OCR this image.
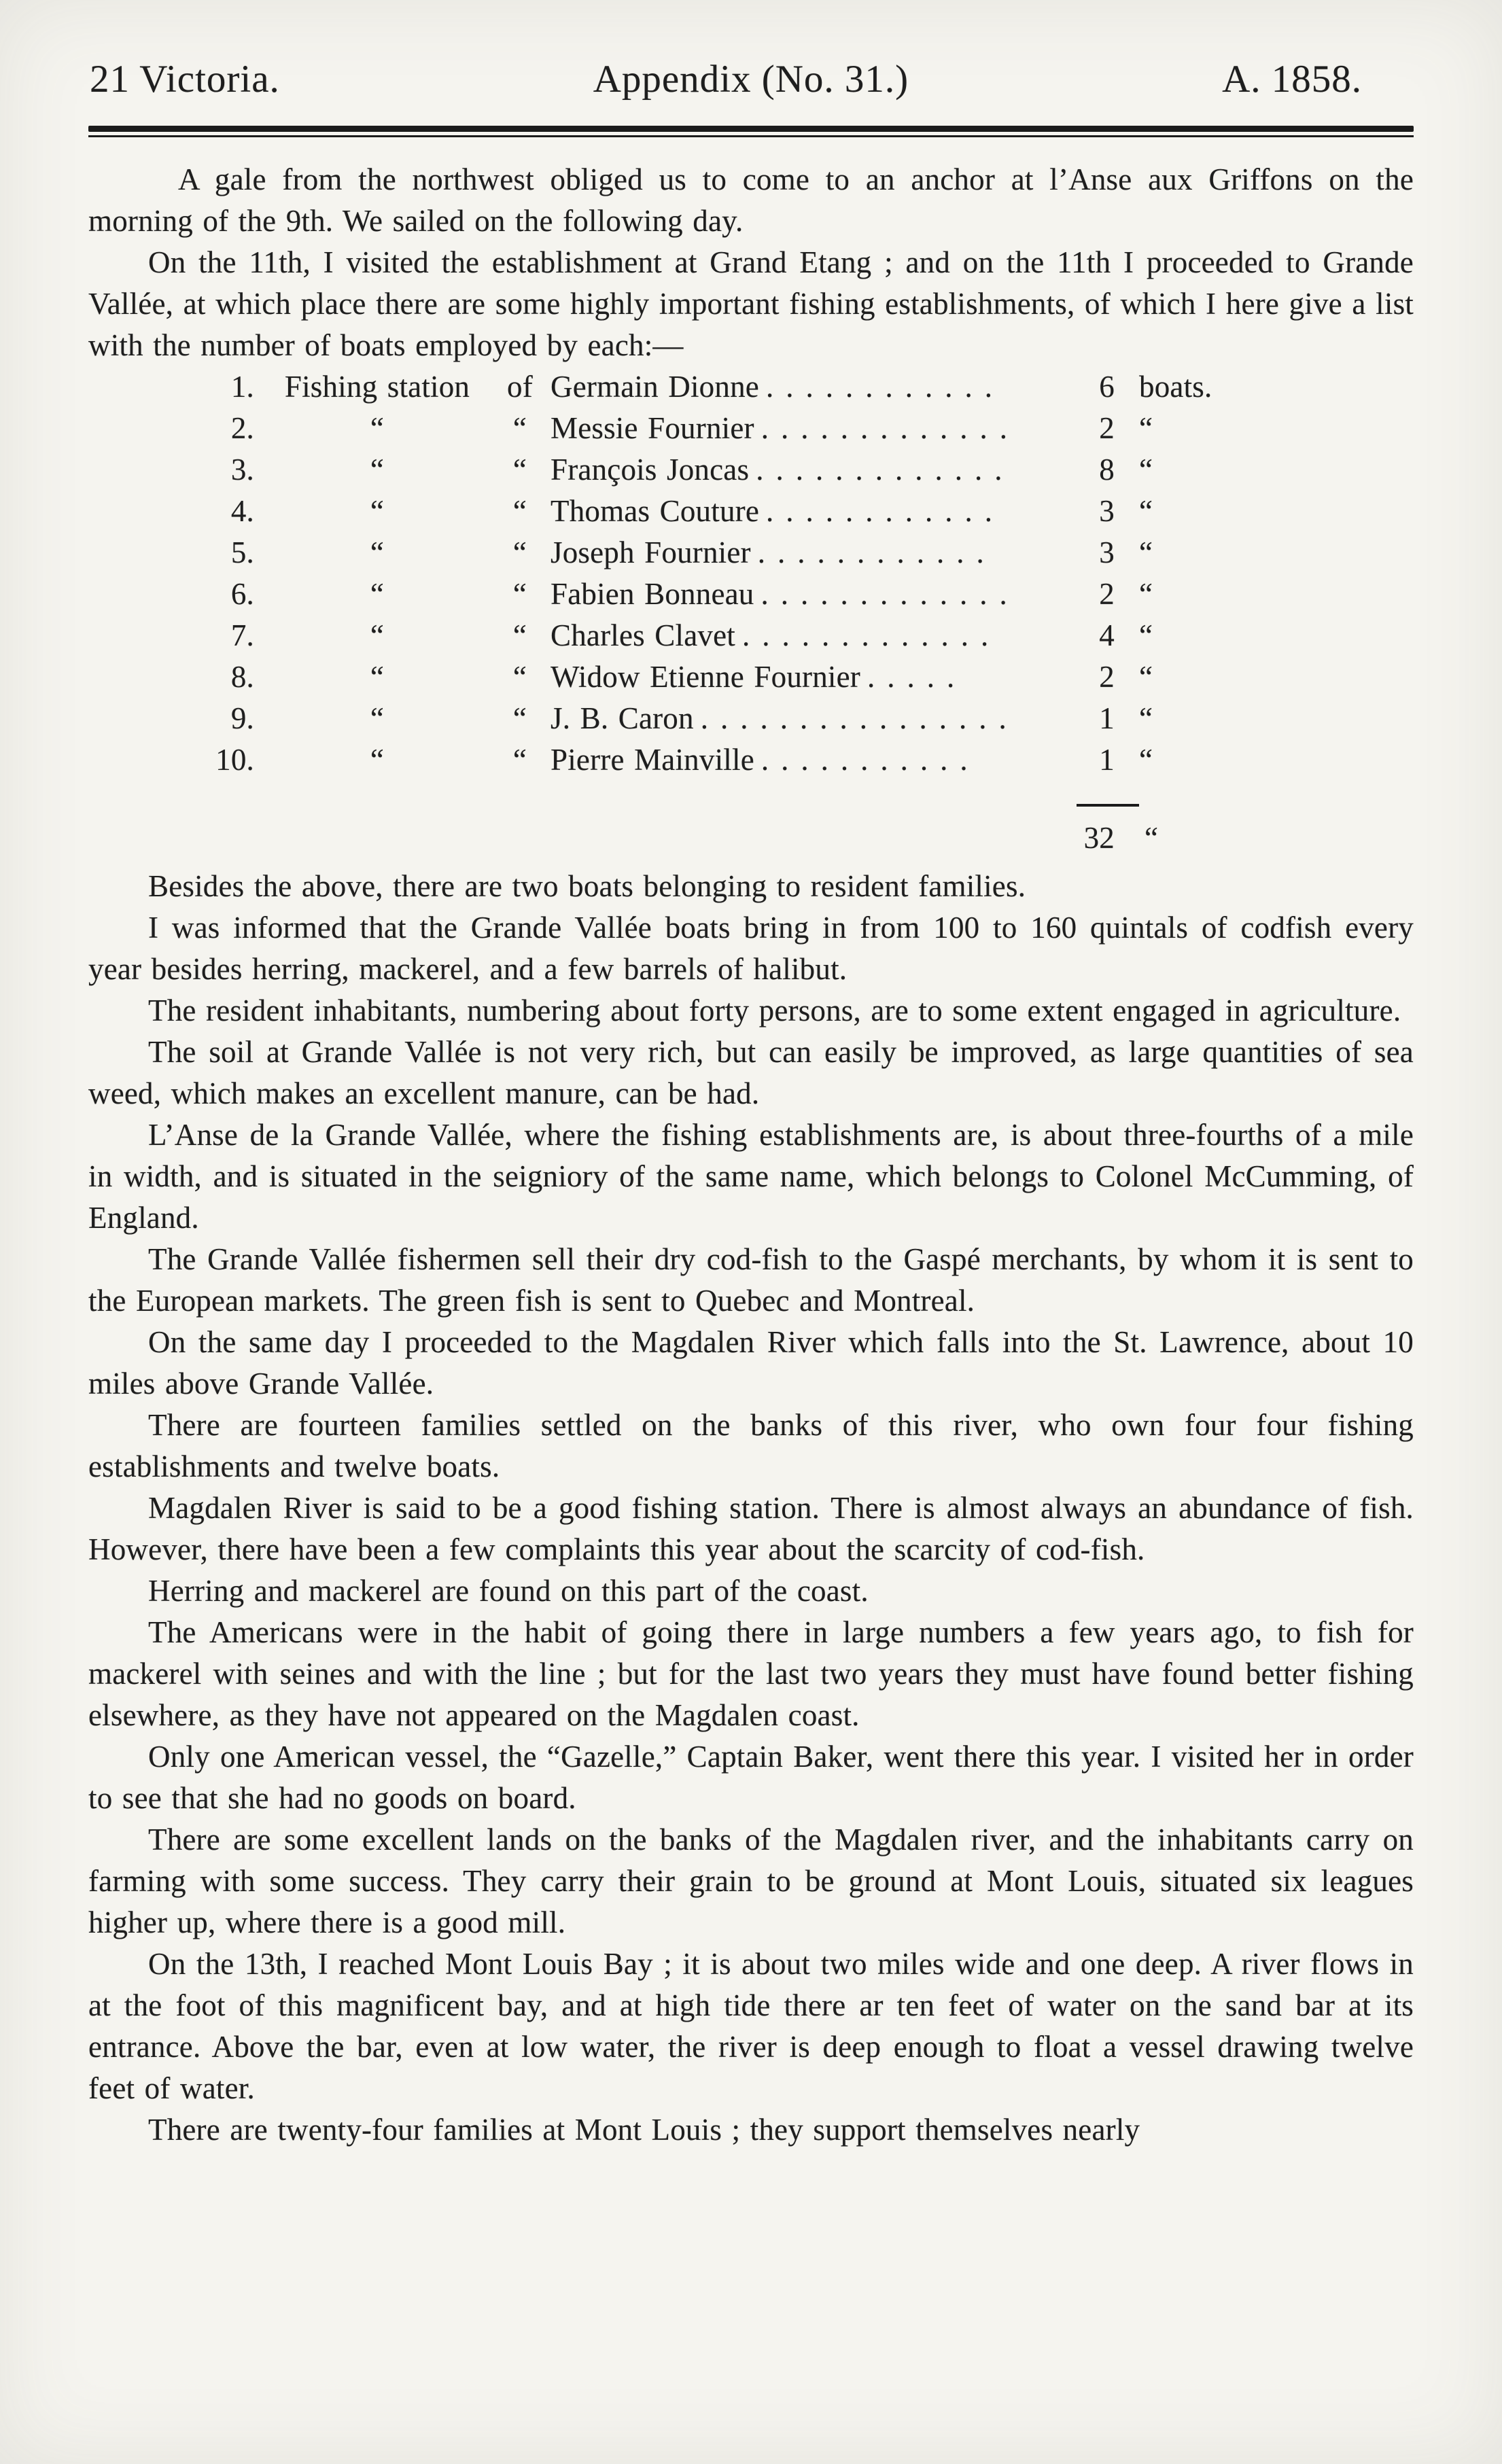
21 Victoria.	Appendix (No. 31.)	A. 1858.

A gale from the northwest obliged us to come to an anchor at l’Anse aux Griffons on the morning of the 9th. We sailed on the following day.

On the 11th, I visited the establishment at Grand Etang ; and on the 11th I proceeded to Grande Vallée, at which place there are some highly important fishing establishments, of which I here give a list with the number of boats employed by each:—

1. Fishing station	of Germain Dionne ............	6 boats.
2.	“	“ Messie Fournier .............	2 “
3.	“	“ François Joncas .............	8 “
4.	“	“ Thomas Couture ............	3 “
5.	“	“ Joseph Fournier ............	3 “
6.	“	“ Fabien Bonneau .............	2 “
7.	“	“ Charles Clavet .............	4 “
8.	“	“ Widow Etienne Fournier .....	2 “
9.	“	“ J. B. Caron ................	1 “
10.	“	“ Pierre Mainville ...........	1 “
32 “

Besides the above, there are two boats belonging to resident families.

I was informed that the Grande Vallée boats bring in from 100 to 160 quintals of codfish every year besides herring, mackerel, and a few barrels of halibut.

The resident inhabitants, numbering about forty persons, are to some extent engaged in agriculture.

The soil at Grande Vallée is not very rich, but can easily be improved, as large quantities of sea weed, which makes an excellent manure, can be had.

L’Anse de la Grande Vallée, where the fishing establishments are, is about three-fourths of a mile in width, and is situated in the seigniory of the same name, which belongs to Colonel McCumming, of England.

The Grande Vallée fishermen sell their dry cod-fish to the Gaspé merchants, by whom it is sent to the European markets. The green fish is sent to Quebec and Montreal.

On the same day I proceeded to the Magdalen River which falls into the St. Lawrence, about 10 miles above Grande Vallée.

There are fourteen families settled on the banks of this river, who own four four fishing establishments and twelve boats.

Magdalen River is said to be a good fishing station. There is almost always an abundance of fish. However, there have been a few complaints this year about the scarcity of cod-fish.

Herring and mackerel are found on this part of the coast.

The Americans were in the habit of going there in large numbers a few years ago, to fish for mackerel with seines and with the line ; but for the last two years they must have found better fishing elsewhere, as they have not appeared on the Magdalen coast.

Only one American vessel, the “Gazelle,” Captain Baker, went there this year. I visited her in order to see that she had no goods on board.

There are some excellent lands on the banks of the Magdalen river, and the inhabitants carry on farming with some success. They carry their grain to be ground at Mont Louis, situated six leagues higher up, where there is a good mill.

On the 13th, I reached Mont Louis Bay ; it is about two miles wide and one deep. A river flows in at the foot of this magnificent bay, and at high tide there ar ten feet of water on the sand bar at its entrance. Above the bar, even at low water, the river is deep enough to float a vessel drawing twelve feet of water.

There are twenty-four families at Mont Louis ; they support themselves nearly
